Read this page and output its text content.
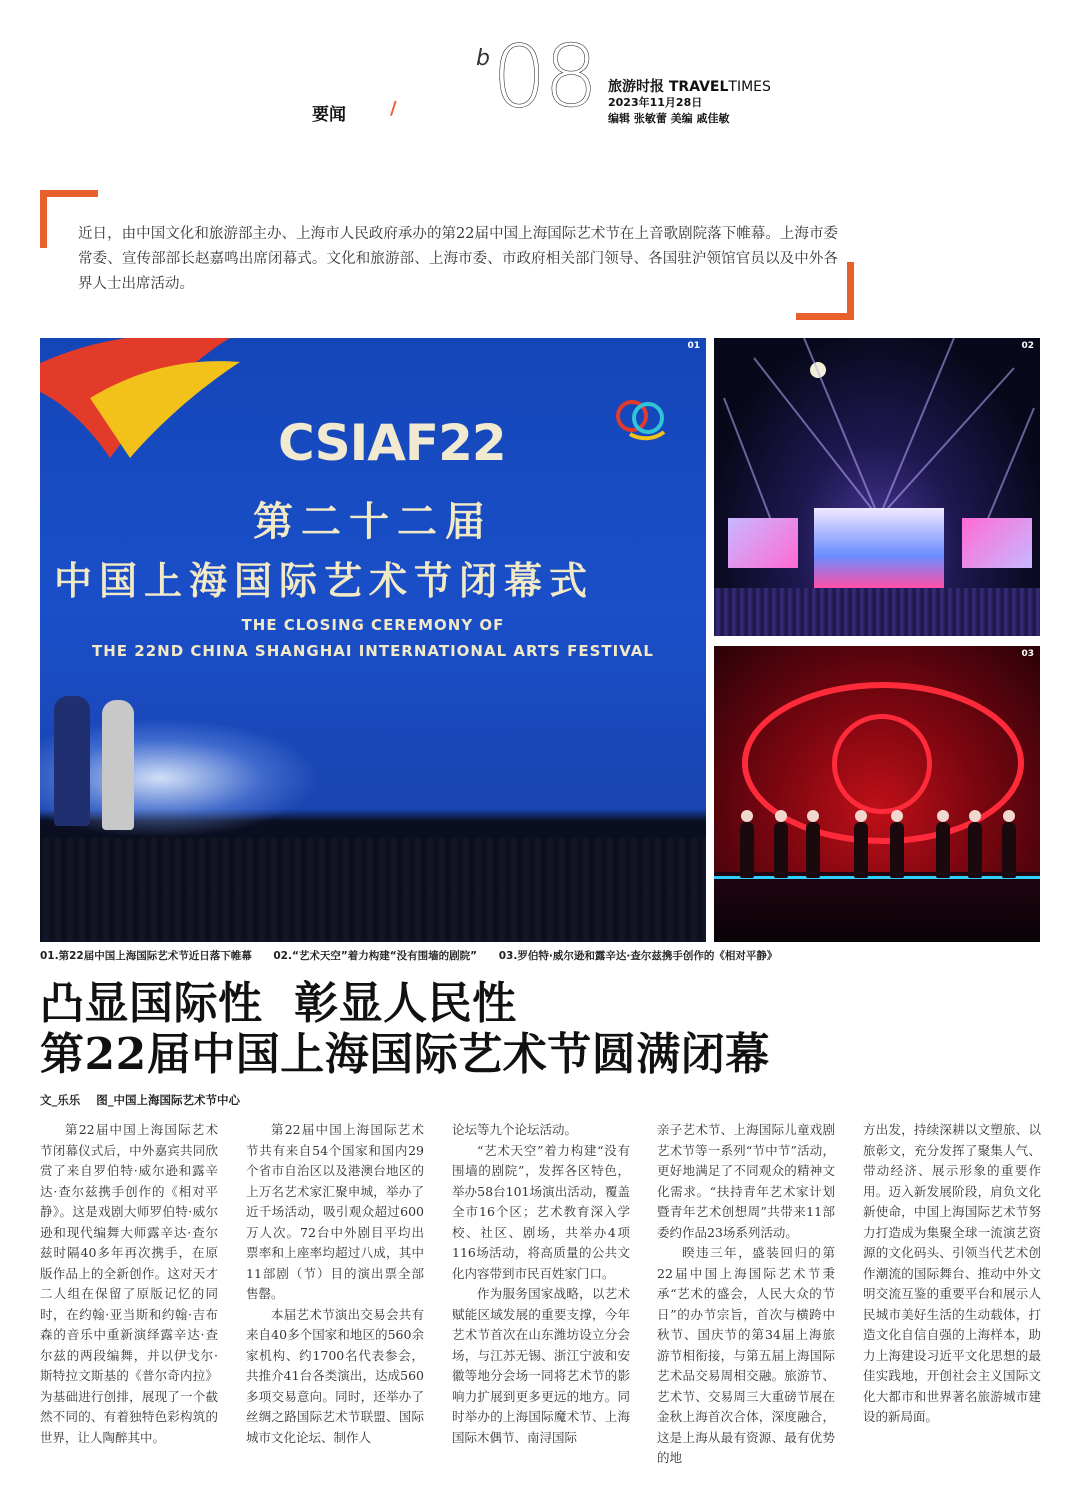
要闻 /
b 08 旅游时报 TRAVELTIMES
2023年11月28日
编辑 张敏蕾 美编 戚佳敏
近日，由中国文化和旅游部主办、上海市人民政府承办的第22届中国上海国际艺术节在上音歌剧院落下帷幕。上海市委常委、宣传部部长赵嘉鸣出席闭幕式。文化和旅游部、上海市委、市政府相关部门领导、各国驻沪领馆官员以及中外各界人士出席活动。
CSIAF22
第二十二届
中国上海国际艺术节闭幕式
THE CLOSING CEREMONY OF
THE 22ND CHINA SHANGHAI INTERNATIONAL ARTS FESTIVAL
01	02
03
01.第22届中国上海国际艺术节近日落下帷幕 02.“艺术天空”着力构建“没有围墙的剧院” 03.罗伯特·威尔逊和露辛达·查尔兹携手创作的《相对平静》
凸显国际性  彰显人民性
第22届中国上海国际艺术节圆满闭幕
文_乐乐 图_中国上海国际艺术节中心

第22届中国上海国际艺术节闭幕仪式后，中外嘉宾共同欣赏了来自罗伯特·威尔逊和露辛达·查尔兹携手创作的《相对平静》。这是戏剧大师罗伯特·威尔逊和现代编舞大师露辛达·查尔兹时隔40多年再次携手，在原版作品上的全新创作。这对天才二人组在保留了原版记忆的同时，在约翰·亚当斯和约翰·吉布森的音乐中重新演绎露辛达·查尔兹的两段编舞，并以伊戈尔·斯特拉文斯基的《普尔奇内拉》为基础进行创排，展现了一个截然不同的、有着独特色彩构筑的世界，让人陶醉其中。

第22届中国上海国际艺术节共有来自54个国家和国内29个省市自治区以及港澳台地区的上万名艺术家汇聚申城，举办了近千场活动，吸引观众超过600万人次。72台中外剧目平均出票率和上座率均超过八成，其中11部剧（节）目的演出票全部售罄。

本届艺术节演出交易会共有来自40多个国家和地区的560余家机构、约1700名代表参会，共推介41台各类演出，达成560多项交易意向。同时，还举办了丝绸之路国际艺术节联盟、国际城市文化论坛、制作人

论坛等九个论坛活动。

“艺术天空”着力构建“没有围墙的剧院”，发挥各区特色，举办58台101场演出活动，覆盖全市16个区；艺术教育深入学校、社区、剧场，共举办4项116场活动，将高质量的公共文化内容带到市民百姓家门口。

作为服务国家战略，以艺术赋能区域发展的重要支撑，今年艺术节首次在山东潍坊设立分会场，与江苏无锡、浙江宁波和安徽等地分会场一同将艺术节的影响力扩展到更多更远的地方。同时举办的上海国际魔术节、上海国际木偶节、南浔国际

亲子艺术节、上海国际儿童戏剧艺术节等一系列“节中节”活动，更好地满足了不同观众的精神文化需求。“扶持青年艺术家计划暨青年艺术创想周”共带来11部委约作品23场系列活动。

睽违三年，盛装回归的第22届中国上海国际艺术节秉承“艺术的盛会，人民大众的节日”的办节宗旨，首次与横跨中秋节、国庆节的第34届上海旅游节相衔接，与第五届上海国际艺术品交易周相交融。旅游节、艺术节、交易周三大重磅节展在金秋上海首次合体，深度融合，这是上海从最有资源、最有优势的地

方出发，持续深耕以文塑旅、以旅彰文，充分发挥了聚集人气、带动经济、展示形象的重要作用。迈入新发展阶段，肩负文化新使命，中国上海国际艺术节努力打造成为集聚全球一流演艺资源的文化码头、引领当代艺术创作潮流的国际舞台、推动中外文明交流互鉴的重要平台和展示人民城市美好生活的生动载体，打造文化自信自强的上海样本，助力上海建设习近平文化思想的最佳实践地，开创社会主义国际文化大都市和世界著名旅游城市建设的新局面。
